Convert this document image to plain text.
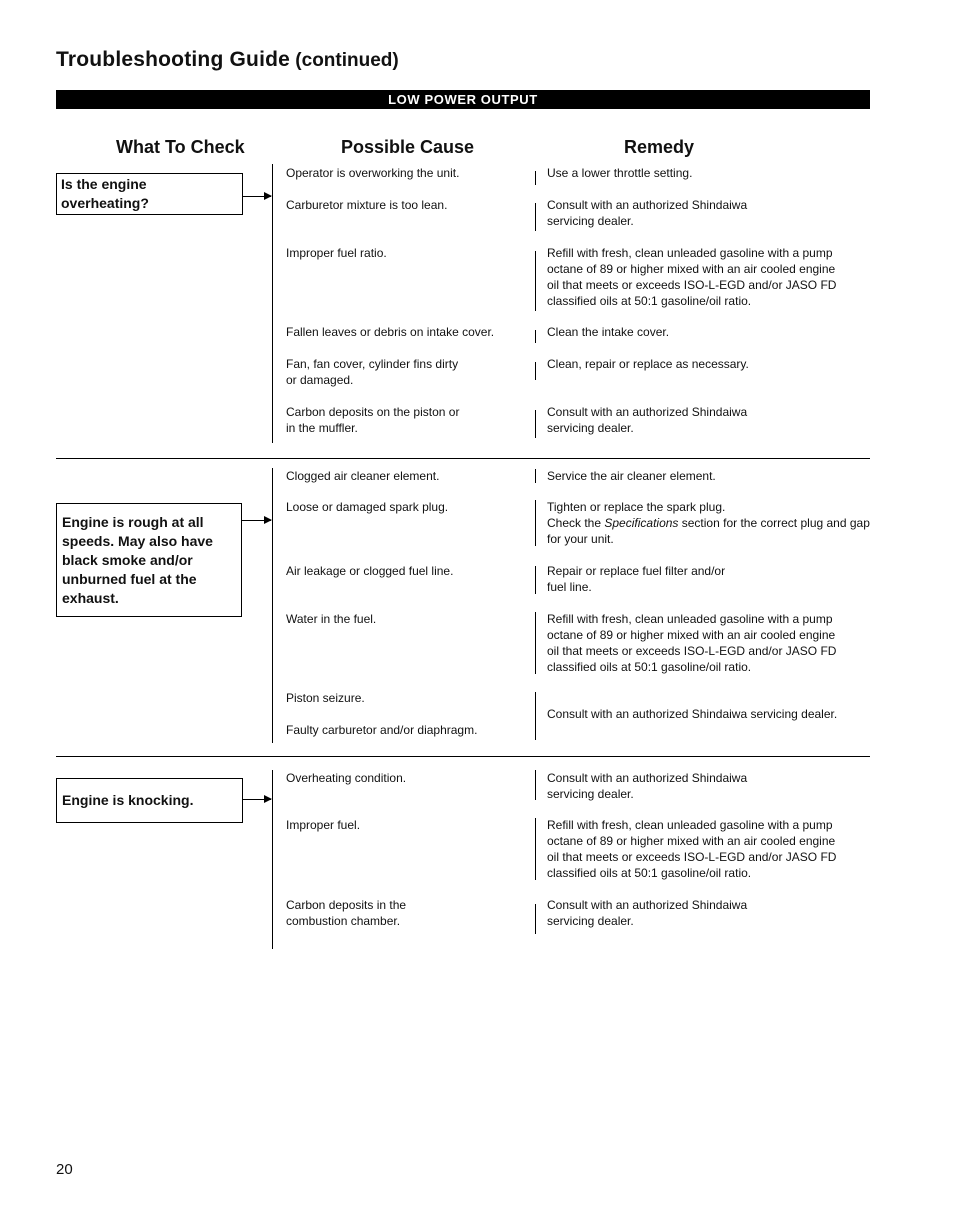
Troubleshooting Guide (continued)
LOW POWER OUTPUT
What To Check	Possible Cause	Remedy
Is the engine overheating?
Operator is overworking the unit.
Carburetor mixture is too lean.
Improper fuel ratio.
Fallen leaves or debris on intake cover.
Fan, fan cover, cylinder fins dirty
or damaged.
Carbon deposits on the piston or
in the muffler.
Use a lower throttle setting.
Consult with an authorized Shindaiwa
servicing dealer.
Refill with fresh, clean unleaded gasoline with a pump
octane of 89 or higher mixed with an air cooled engine
oil that meets or exceeds ISO-L-EGD and/or JASO FD
classified oils at 50:1 gasoline/oil ratio.
Clean the intake cover.
Clean, repair or replace as necessary.
Consult with an authorized Shindaiwa
servicing dealer.
Engine is rough at all speeds. May also have black smoke and/or unburned fuel at the exhaust.
Clogged air cleaner element.
Loose or damaged spark plug.
Air leakage or clogged fuel line.
Water in the fuel.
Piston seizure.
Faulty carburetor and/or diaphragm.
Service the air cleaner element.
Tighten or replace the spark plug.
Check the Specifications section for the correct plug and gap
for your unit.
Repair or replace fuel filter and/or
fuel line.
Refill with fresh, clean unleaded gasoline with a pump
octane of 89 or higher mixed with an air cooled engine
oil that meets or exceeds ISO-L-EGD and/or JASO FD
classified oils at 50:1 gasoline/oil ratio.
Consult with an authorized Shindaiwa servicing dealer.
Engine is knocking.
Overheating condition.
Improper fuel.
Carbon deposits in the
combustion chamber.
Consult with an authorized Shindaiwa
servicing dealer.
Refill with fresh, clean unleaded gasoline with a pump
octane of 89 or higher mixed with an air cooled engine
oil that meets or exceeds ISO-L-EGD and/or JASO FD
classified oils at 50:1 gasoline/oil ratio.
Consult with an authorized Shindaiwa
servicing dealer.
20
